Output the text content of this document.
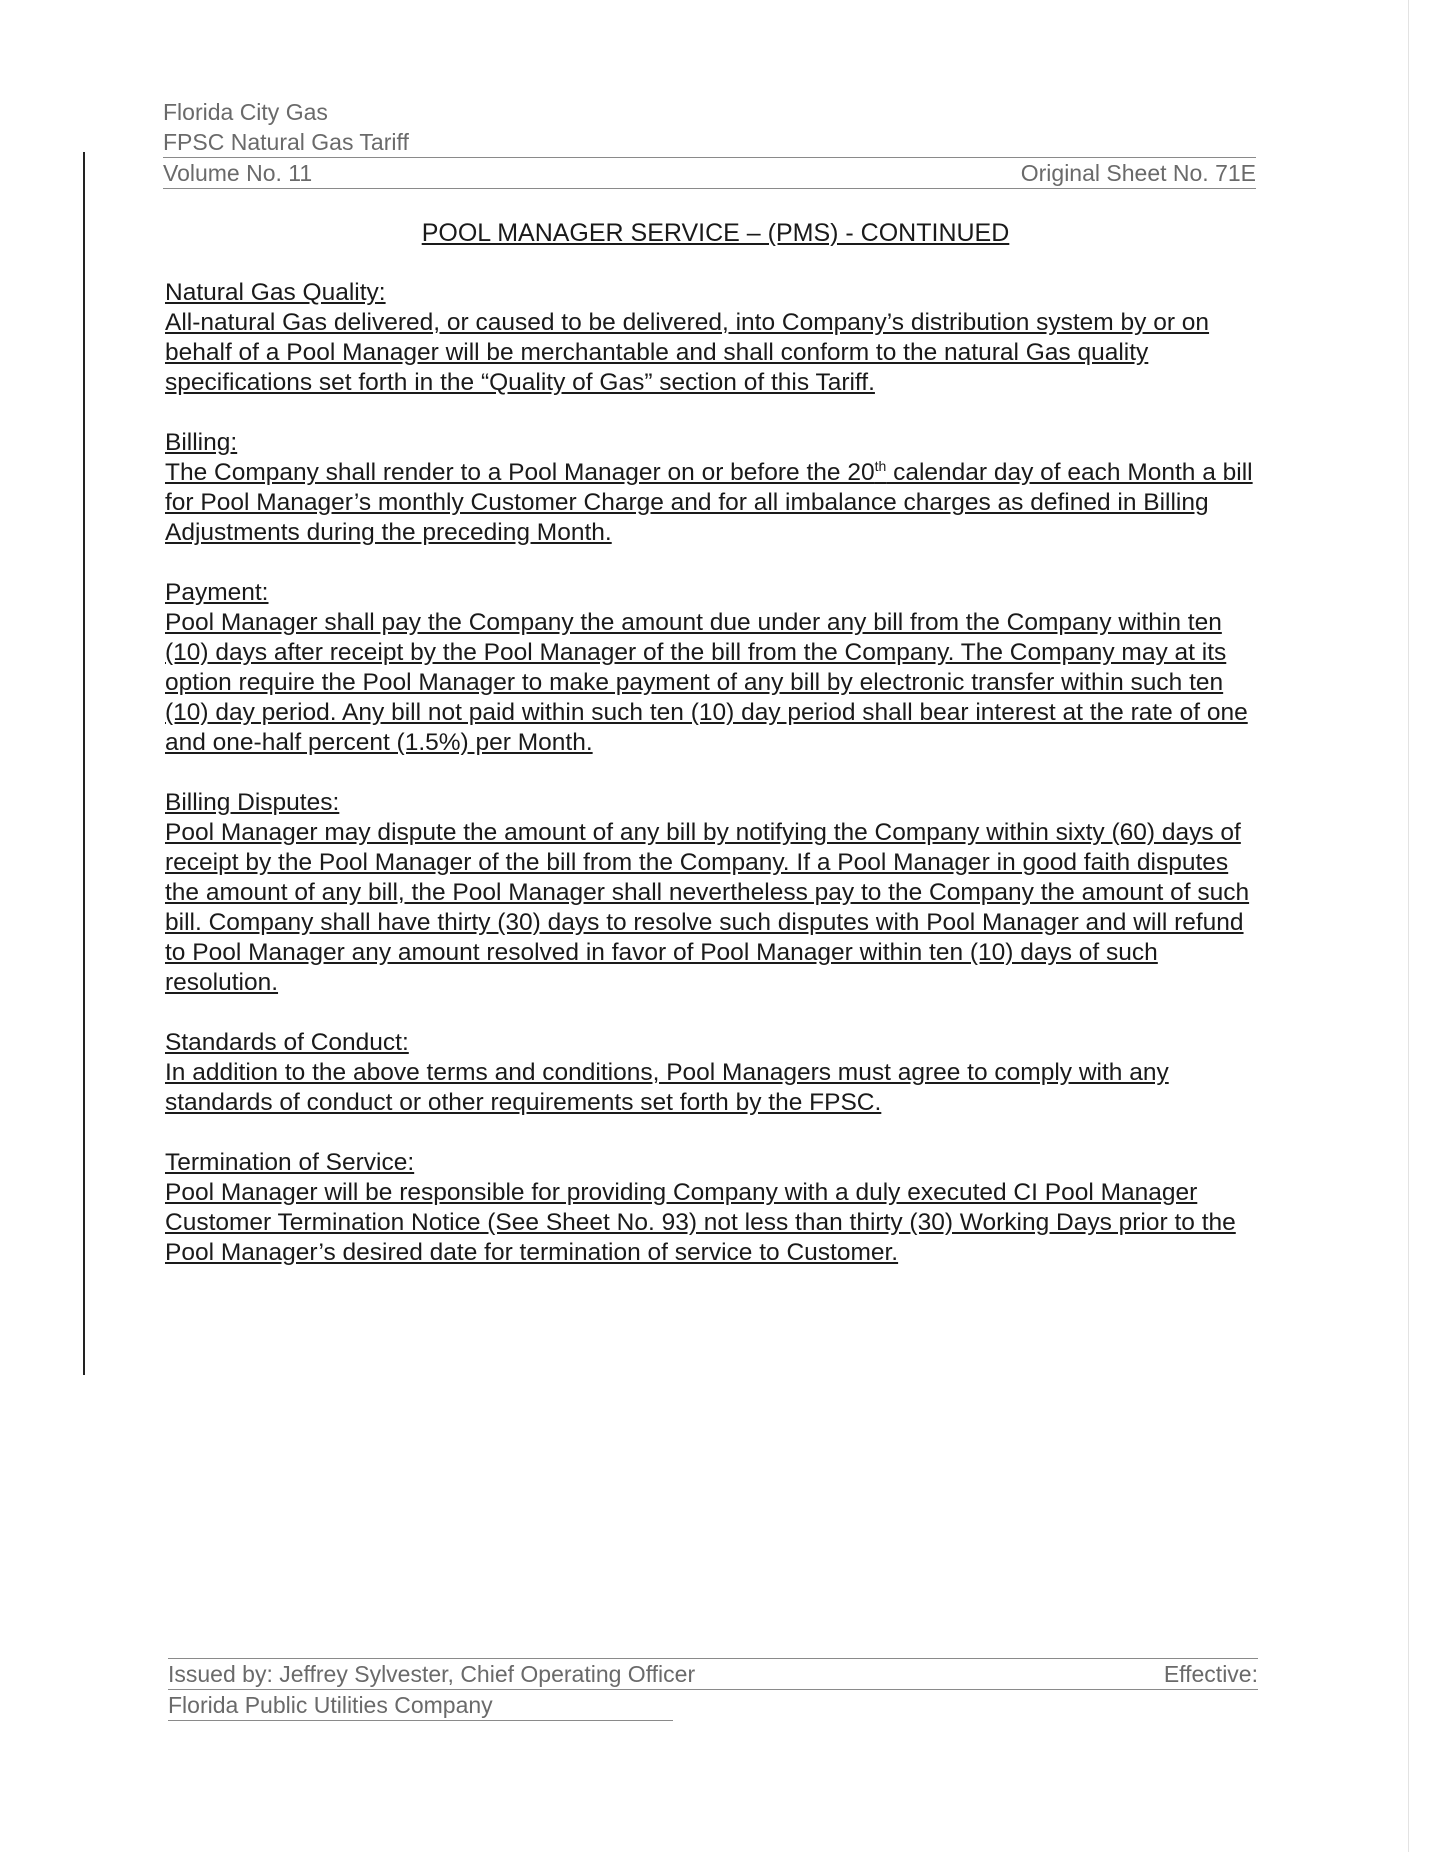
Florida City Gas
FPSC Natural Gas Tariff
Volume No. 11	Original Sheet No. 71E
POOL MANAGER SERVICE – (PMS) - CONTINUED
Natural Gas Quality:
All-natural Gas delivered, or caused to be delivered, into Company’s distribution system by or on behalf of a Pool Manager will be merchantable and shall conform to the natural Gas quality specifications set forth in the “Quality of Gas” section of this Tariff.
Billing:
The Company shall render to a Pool Manager on or before the 20th calendar day of each Month a bill for Pool Manager’s monthly Customer Charge and for all imbalance charges as defined in Billing Adjustments during the preceding Month.
Payment:
Pool Manager shall pay the Company the amount due under any bill from the Company within ten (10) days after receipt by the Pool Manager of the bill from the Company. The Company may at its option require the Pool Manager to make payment of any bill by electronic transfer within such ten (10) day period. Any bill not paid within such ten (10) day period shall bear interest at the rate of one and one-half percent (1.5%) per Month.
Billing Disputes:
Pool Manager may dispute the amount of any bill by notifying the Company within sixty (60) days of receipt by the Pool Manager of the bill from the Company. If a Pool Manager in good faith disputes the amount of any bill, the Pool Manager shall nevertheless pay to the Company the amount of such bill. Company shall have thirty (30) days to resolve such disputes with Pool Manager and will refund to Pool Manager any amount resolved in favor of Pool Manager within ten (10) days of such resolution.
Standards of Conduct:
In addition to the above terms and conditions, Pool Managers must agree to comply with any standards of conduct or other requirements set forth by the FPSC.
Termination of Service:
Pool Manager will be responsible for providing Company with a duly executed CI Pool Manager Customer Termination Notice (See Sheet No. 93) not less than thirty (30) Working Days prior to the Pool Manager’s desired date for termination of service to Customer.
Issued by: Jeffrey Sylvester, Chief Operating Officer	Effective:
Florida Public Utilities Company
